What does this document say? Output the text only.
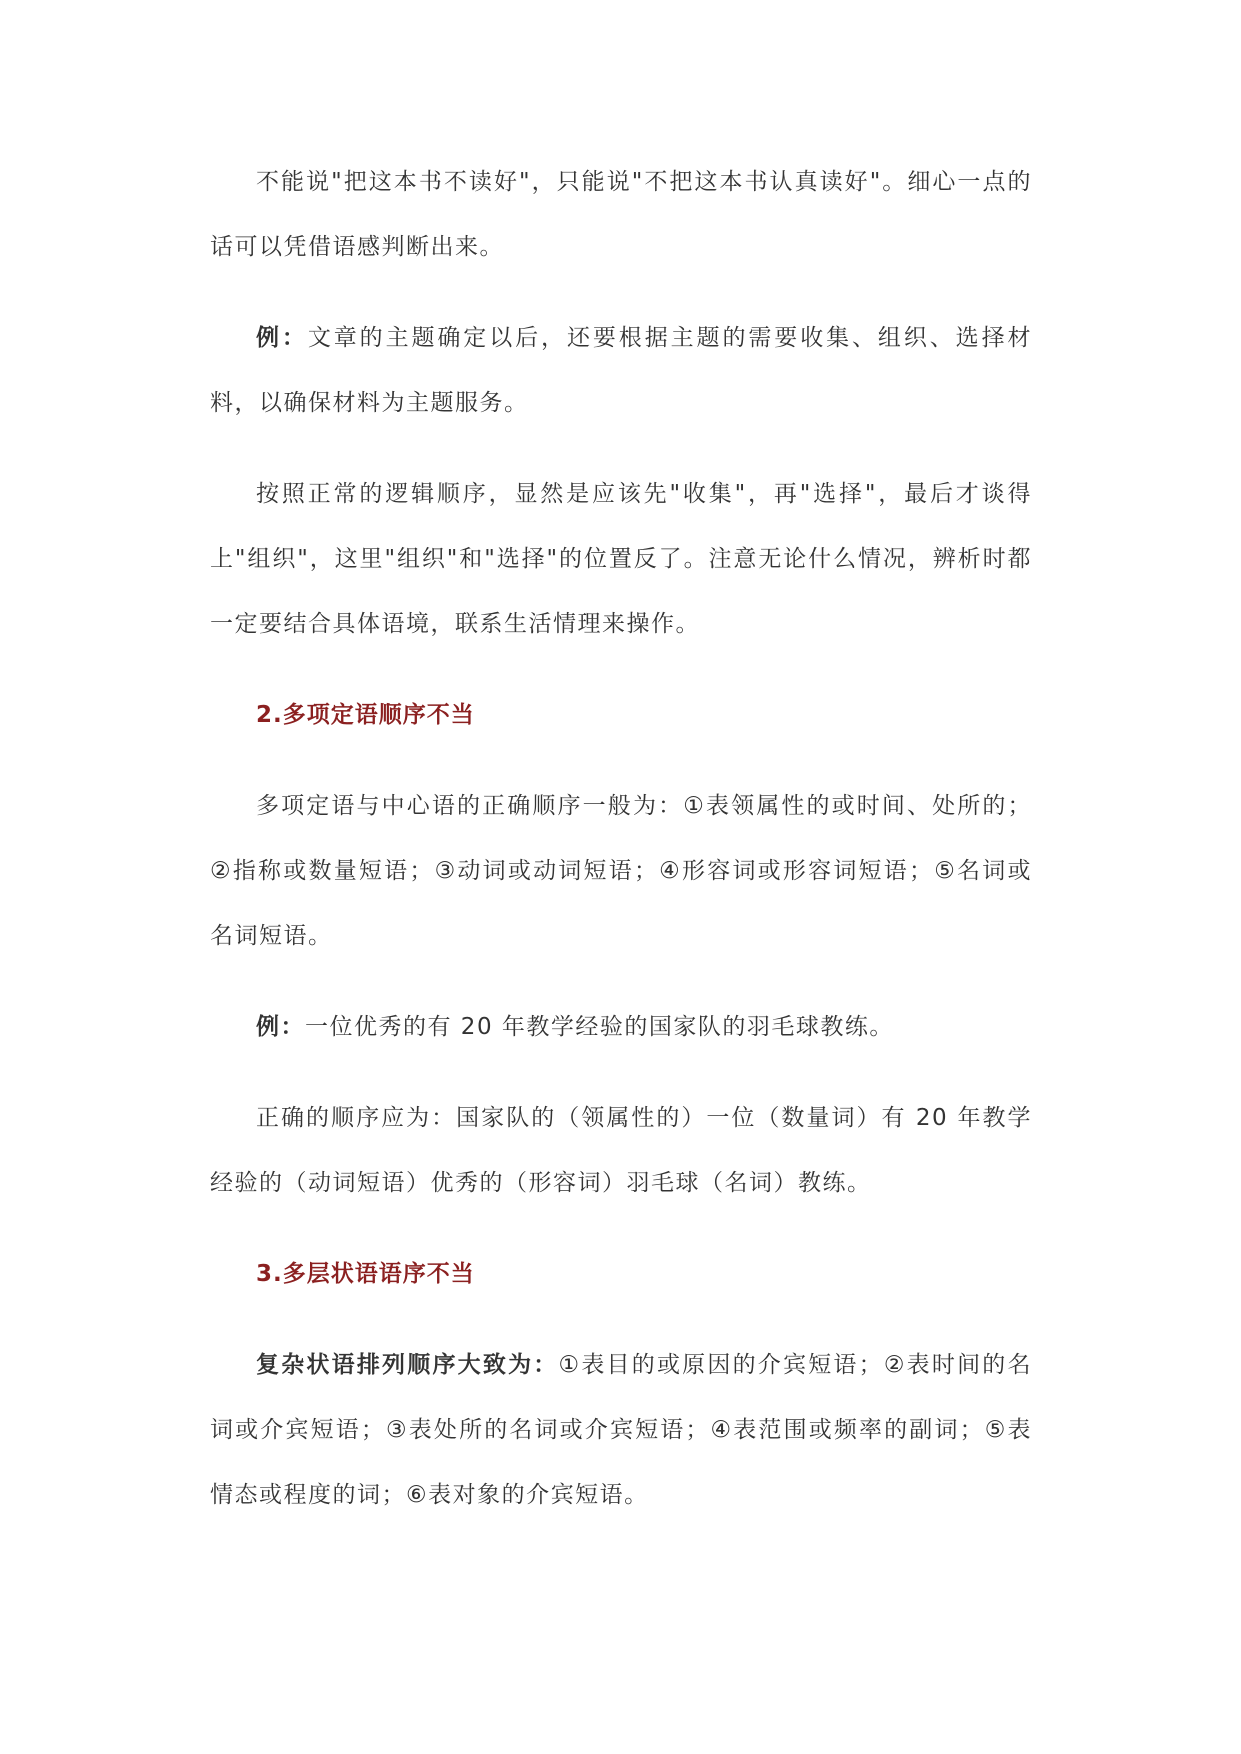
不能说"把这本书不读好"，只能说"不把这本书认真读好"。细心一点的话可以凭借语感判断出来。

例：文章的主题确定以后，还要根据主题的需要收集、组织、选择材料，以确保材料为主题服务。

按照正常的逻辑顺序，显然是应该先"收集"，再"选择"，最后才谈得上"组织"，这里"组织"和"选择"的位置反了。注意无论什么情况，辨析时都一定要结合具体语境，联系生活情理来操作。

2.多项定语顺序不当

多项定语与中心语的正确顺序一般为：①表领属性的或时间、处所的；②指称或数量短语；③动词或动词短语；④形容词或形容词短语；⑤名词或名词短语。

例：一位优秀的有 20 年教学经验的国家队的羽毛球教练。

正确的顺序应为：国家队的（领属性的）一位（数量词）有 20 年教学经验的（动词短语）优秀的（形容词）羽毛球（名词）教练。

3.多层状语语序不当

复杂状语排列顺序大致为：①表目的或原因的介宾短语；②表时间的名词或介宾短语；③表处所的名词或介宾短语；④表范围或频率的副词；⑤表情态或程度的词；⑥表对象的介宾短语。
